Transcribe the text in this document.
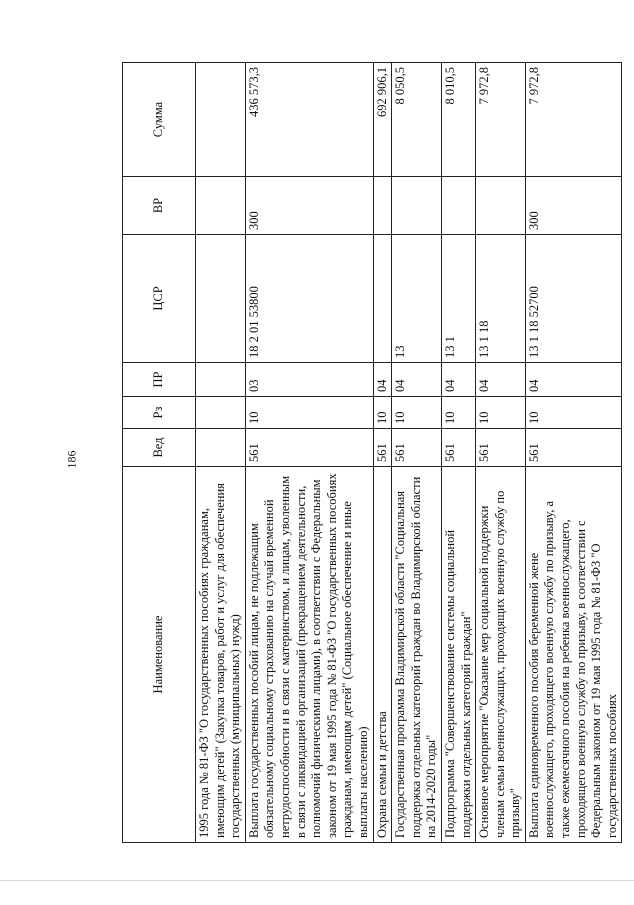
186
Наименование	Вед	Рз	ПР	ЦСР	ВР	Сумма
1995 года № 81-ФЗ "О государственных пособиях гражданам, имеющим детей" (Закупка товаров, работ и услуг для обеспечения государственных (муниципальных) нужд)						
Выплата государственных пособий лицам, не подлежащим обязательному социальному страхованию на случай временной нетрудоспособности и в связи с материнством, и лицам, уволенным в связи с ликвидацией организаций (прекращением деятельности, полномочий физическими лицами), в соответствии с Федеральным законом от 19 мая 1995 года № 81-ФЗ "О государственных пособиях гражданам, имеющим детей" (Социальное обеспечение и иные выплаты населению)	561	10	03	18 2 01 53800	300	436 573,3
Охрана семьи и детства	561	10	04			692 906,1
Государственная программа Владимирской области "Социальная поддержка отдельных категорий граждан во Владимирской области на 2014-2020 годы"	561	10	04	13		8 050,5
Подпрограмма "Совершенствование системы социальной поддержки отдельных категорий граждан"	561	10	04	13 1		8 010,5
Основное мероприятие "Оказание мер социальной поддержки членам семьи военнослужащих, проходящих военную службу по призыву"	561	10	04	13 1 18		7 972,8
Выплата единовременного пособия беременной жене военнослужащего, проходящего военную службу по призыву, а также ежемесячного пособия на ребенка военнослужащего, проходящего военную службу по призыву, в соответствии с Федеральным законом от 19 мая 1995 года № 81-ФЗ "О государственных пособиях	561	10	04	13 1 18 52700	300	7 972,8
